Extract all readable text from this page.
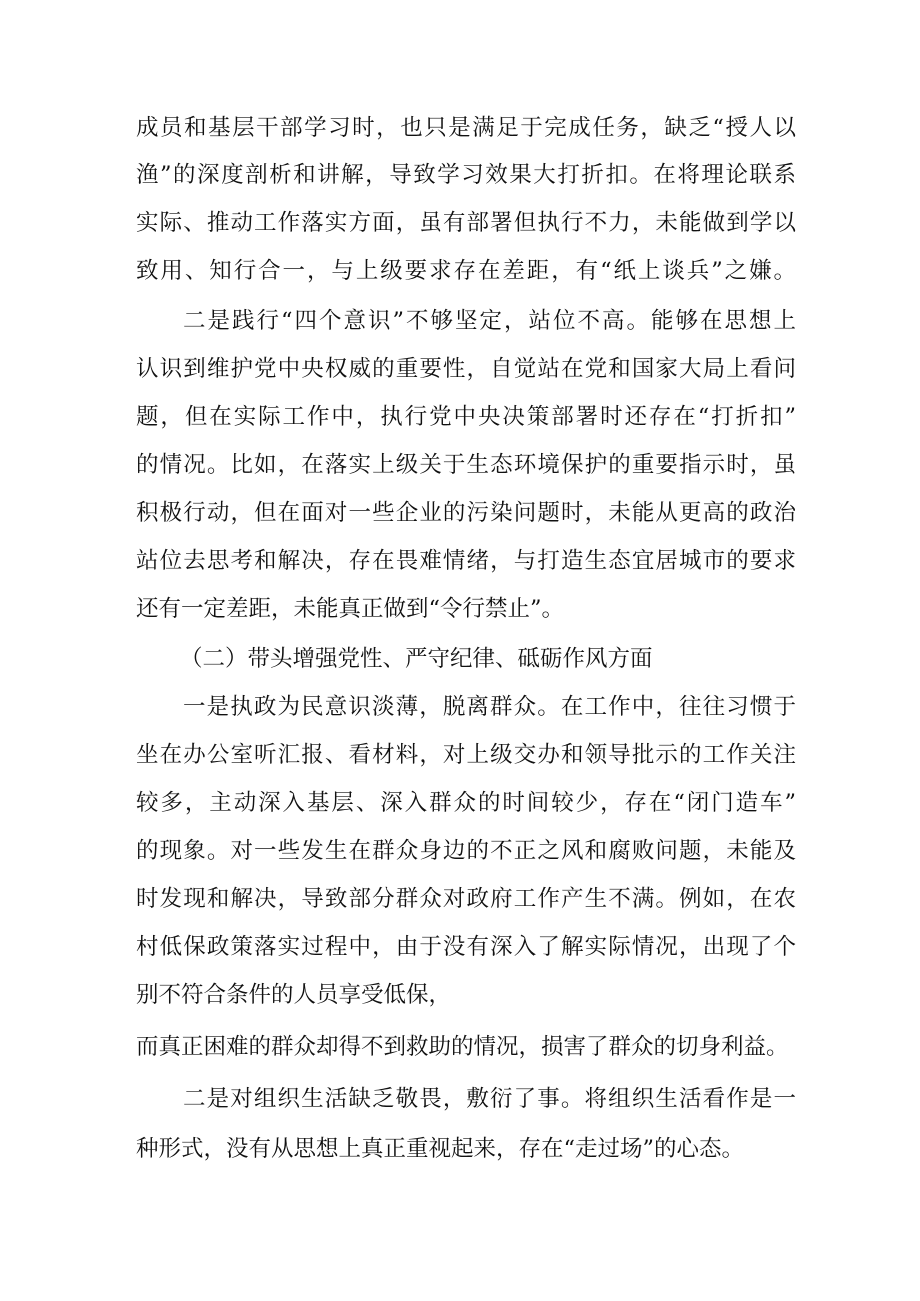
成员和基层干部学习时，也只是满足于完成任务，缺乏“授人以
渔”的深度剖析和讲解，导致学习效果大打折扣。在将理论联系
实际、推动工作落实方面，虽有部署但执行不力，未能做到学以
致用、知行合一，与上级要求存在差距，有“纸上谈兵”之嫌。
二是践行“四个意识”不够坚定，站位不高。能够在思想上
认识到维护党中央权威的重要性，自觉站在党和国家大局上看问
题，但在实际工作中，执行党中央决策部署时还存在“打折扣”
的情况。比如，在落实上级关于生态环境保护的重要指示时，虽
积极行动，但在面对一些企业的污染问题时，未能从更高的政治
站位去思考和解决，存在畏难情绪，与打造生态宜居城市的要求
还有一定差距，未能真正做到“令行禁止”。
（二）带头增强党性、严守纪律、砥砺作风方面
一是执政为民意识淡薄，脱离群众。在工作中，往往习惯于
坐在办公室听汇报、看材料，对上级交办和领导批示的工作关注
较多，主动深入基层、深入群众的时间较少，存在“闭门造车”
的现象。对一些发生在群众身边的不正之风和腐败问题，未能及
时发现和解决，导致部分群众对政府工作产生不满。例如，在农
村低保政策落实过程中，由于没有深入了解实际情况，出现了个
别不符合条件的人员享受低保，
而真正困难的群众却得不到救助的情况，损害了群众的切身利益。
二是对组织生活缺乏敬畏，敷衍了事。将组织生活看作是一
种形式，没有从思想上真正重视起来，存在“走过场”的心态。
